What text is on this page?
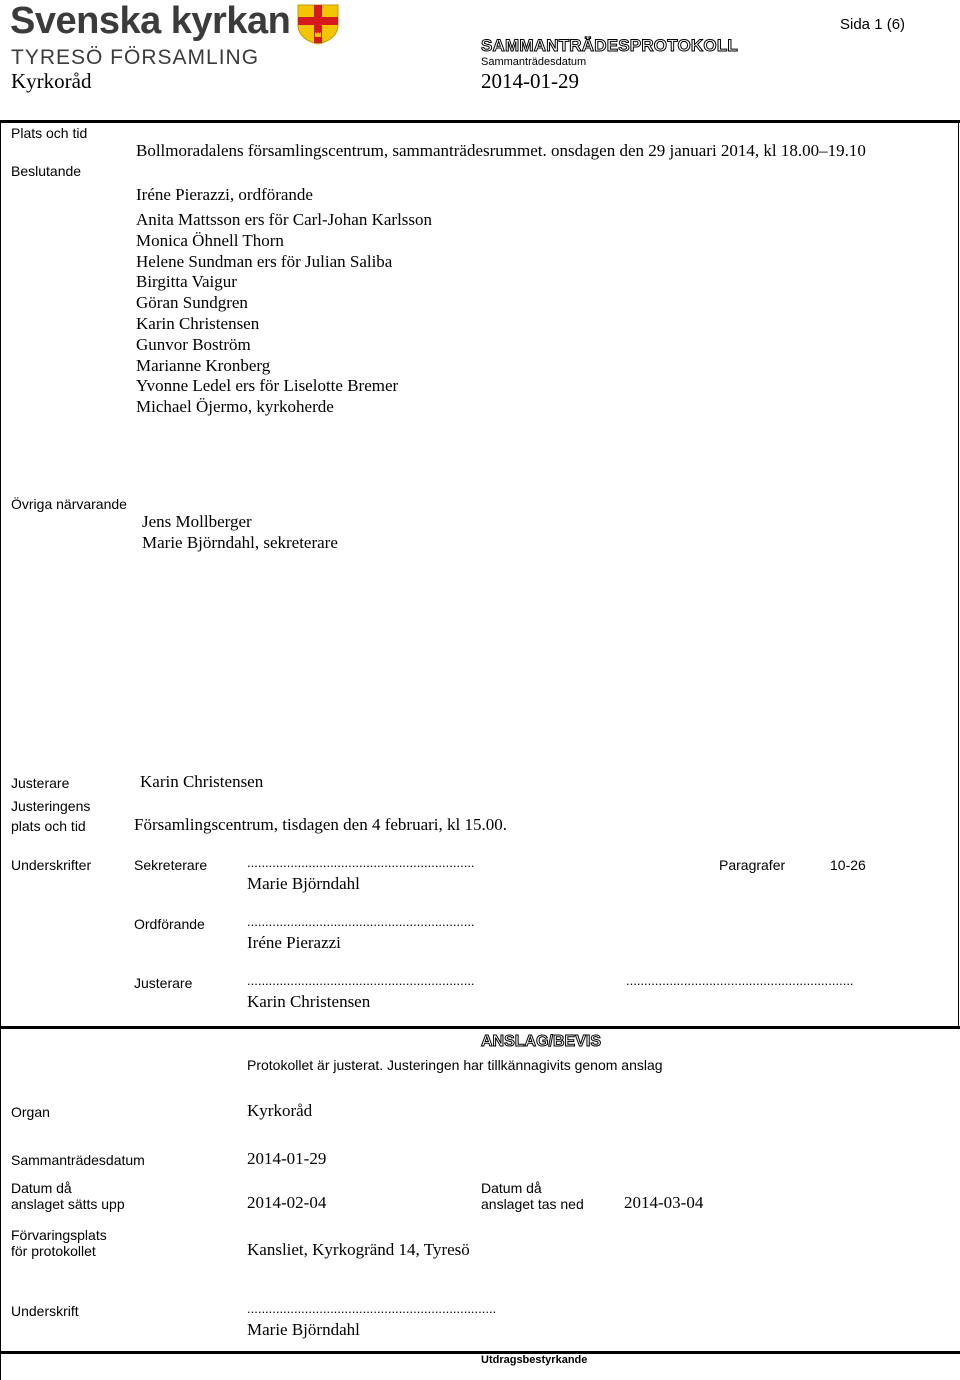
Svenska kyrkan
TYRESÖ FÖRSAMLING
Kyrkoråd
SAMMANTRÄDESPROTOKOLL
Sammanträdesdatum
2014-01-29
Sida 1 (6)
Plats och tid
Bollmoradalens församlingscentrum, sammanträdesrummet. onsdagen den 29 januari 2014, kl 18.00–19.10
Beslutande
Iréne Pierazzi, ordförande
Anita Mattsson ers för Carl-Johan Karlsson
Monica Öhnell Thorn
Helene Sundman ers för Julian Saliba
Birgitta Vaigur
Göran Sundgren
Karin Christensen
Gunvor Boström
Marianne Kronberg
Yvonne Ledel ers för Liselotte Bremer
Michael Öjermo, kyrkoherde
Övriga närvarande
Jens Mollberger
Marie Björndahl, sekreterare
Justerare	Karin Christensen
Justeringens
plats och tid	Församlingscentrum, tisdagen den 4 februari, kl 15.00.
Underskrifter	Sekreterare	...............................................................
Marie Björndahl
Paragrafer	10-26
Ordförande	...............................................................
Iréne Pierazzi
Justerare	...............................................................
Karin Christensen
...............................................................
ANSLAG/BEVIS
Protokollet är justerat. Justeringen har tillkännagivits genom anslag
Organ	Kyrkoråd
Sammanträdesdatum	2014-01-29
Datum då
anslaget sätts upp	2014-02-04
Datum då
anslaget tas ned 2014-03-04
Förvaringsplats
för protokollet	Kansliet, Kyrkogränd 14, Tyresö
Underskrift	.....................................................................
Marie Björndahl
Utdragsbestyrkande
